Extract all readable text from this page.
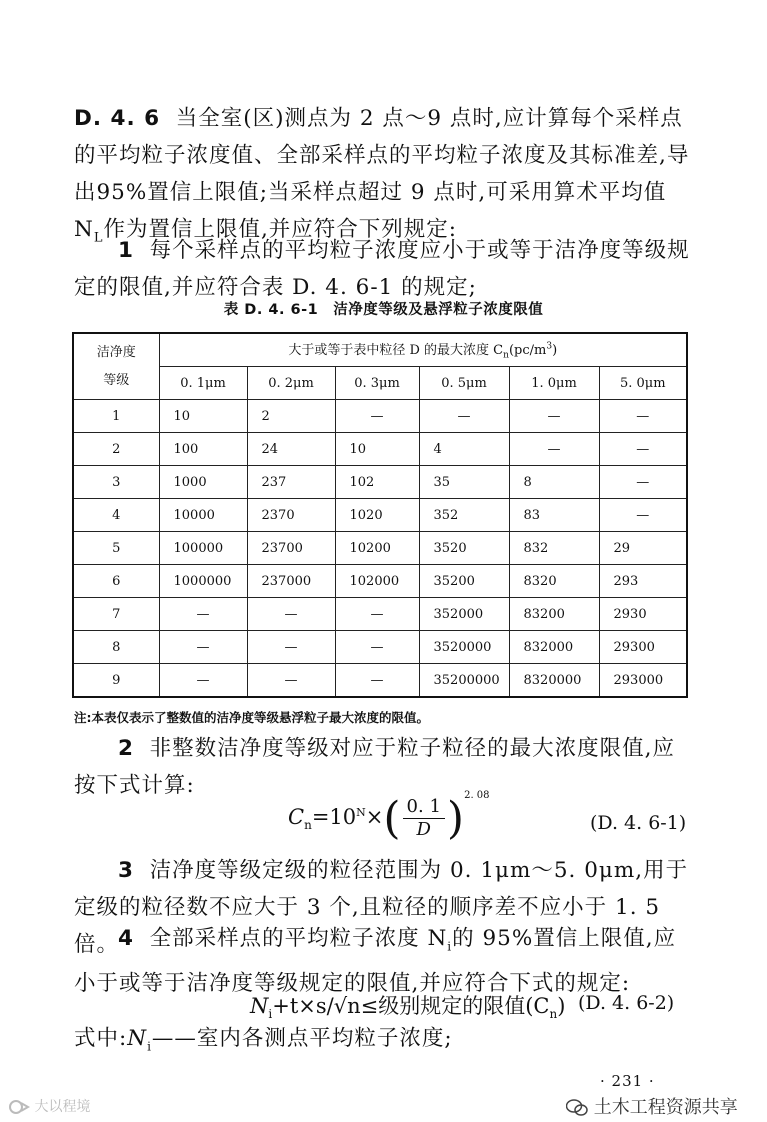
D. 4. 6 当全室(区)测点为 2 点～9 点时,应计算每个采样点的平均粒子浓度值、全部采样点的平均粒子浓度及其标准差,导出95%置信上限值;当采样点超过 9 点时,可采用算术平均值 $N_L$作为置信上限值,并应符合下列规定:
1 每个采样点的平均粒子浓度应小于或等于洁净度等级规定的限值,并应符合表 D. 4. 6-1 的规定;
表 D. 4. 6-1　洁净度等级及悬浮粒子浓度限值
洁净度
等级	大于或等于表中粒径 D 的最大浓度 $C_n(pc/m^3)$					
	0. 1μm	0. 2μm	0. 3μm	0. 5μm	1. 0μm	5. 0μm
1	10	2	—	—	—	—
2	100	24	10	4	—	—
3	1000	237	102	35	8	—
4	10000	2370	1020	352	83	—
5	100000	23700	10200	3520	832	29
6	1000000	237000	102000	35200	8320	293
7	—	—	—	352000	83200	2930
8	—	—	—	3520000	832000	29300
9	—	—	—	35200000	8320000	293000
注:本表仅表示了整数值的洁净度等级悬浮粒子最大浓度的限值。
2 非整数洁净度等级对应于粒子粒径的最大浓度限值,应按下式计算:
$C_n=10^N\times( \frac{0. 1}{D} )^{2. 08}$
(D. 4. 6-1)
3 洁净度等级定级的粒径范围为 0. 1μm～5. 0μm,用于定级的粒径数不应大于 3 个,且粒径的顺序差不应小于 1. 5 倍。
4 全部采样点的平均粒子浓度 $N_i$的 95%置信上限值,应小于或等于洁净度等级规定的限值,并应符合下式的规定:
$N_i+t\times s/√n\le$级别规定的限值$(C_n)$ (D. 4. 6-2)
式中$:N_i——$室内各测点平均粒子浓度;
· 231 ·
土木工程资源共享
大以程境
